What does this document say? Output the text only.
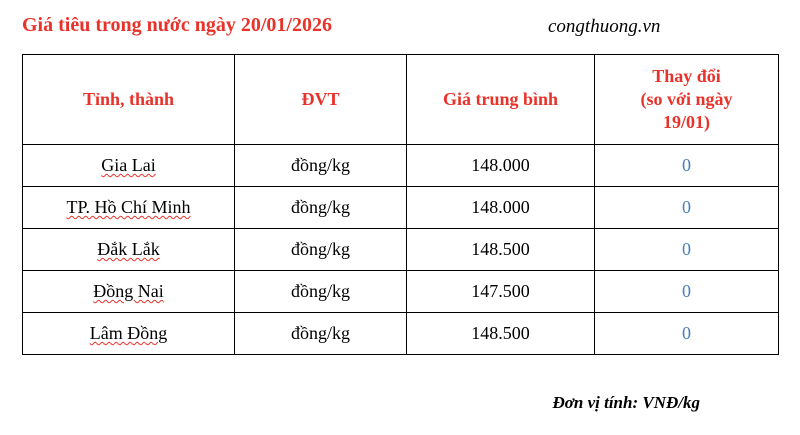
Giá tiêu trong nước ngày 20/01/2026	congthuong.vn
Tỉnh, thành	ĐVT	Giá trung bình	Thay đổi
(so với ngày
19/01)

Gia Lai	đồng/kg	148.000	0
TP. Hồ Chí Minh	đồng/kg	148.000	0
Đắk Lắk	đồng/kg	148.500	0
Đồng Nai	đồng/kg	147.500	0
Lâm Đồng	đồng/kg	148.500	0
Đơn vị tính: VNĐ/kg
